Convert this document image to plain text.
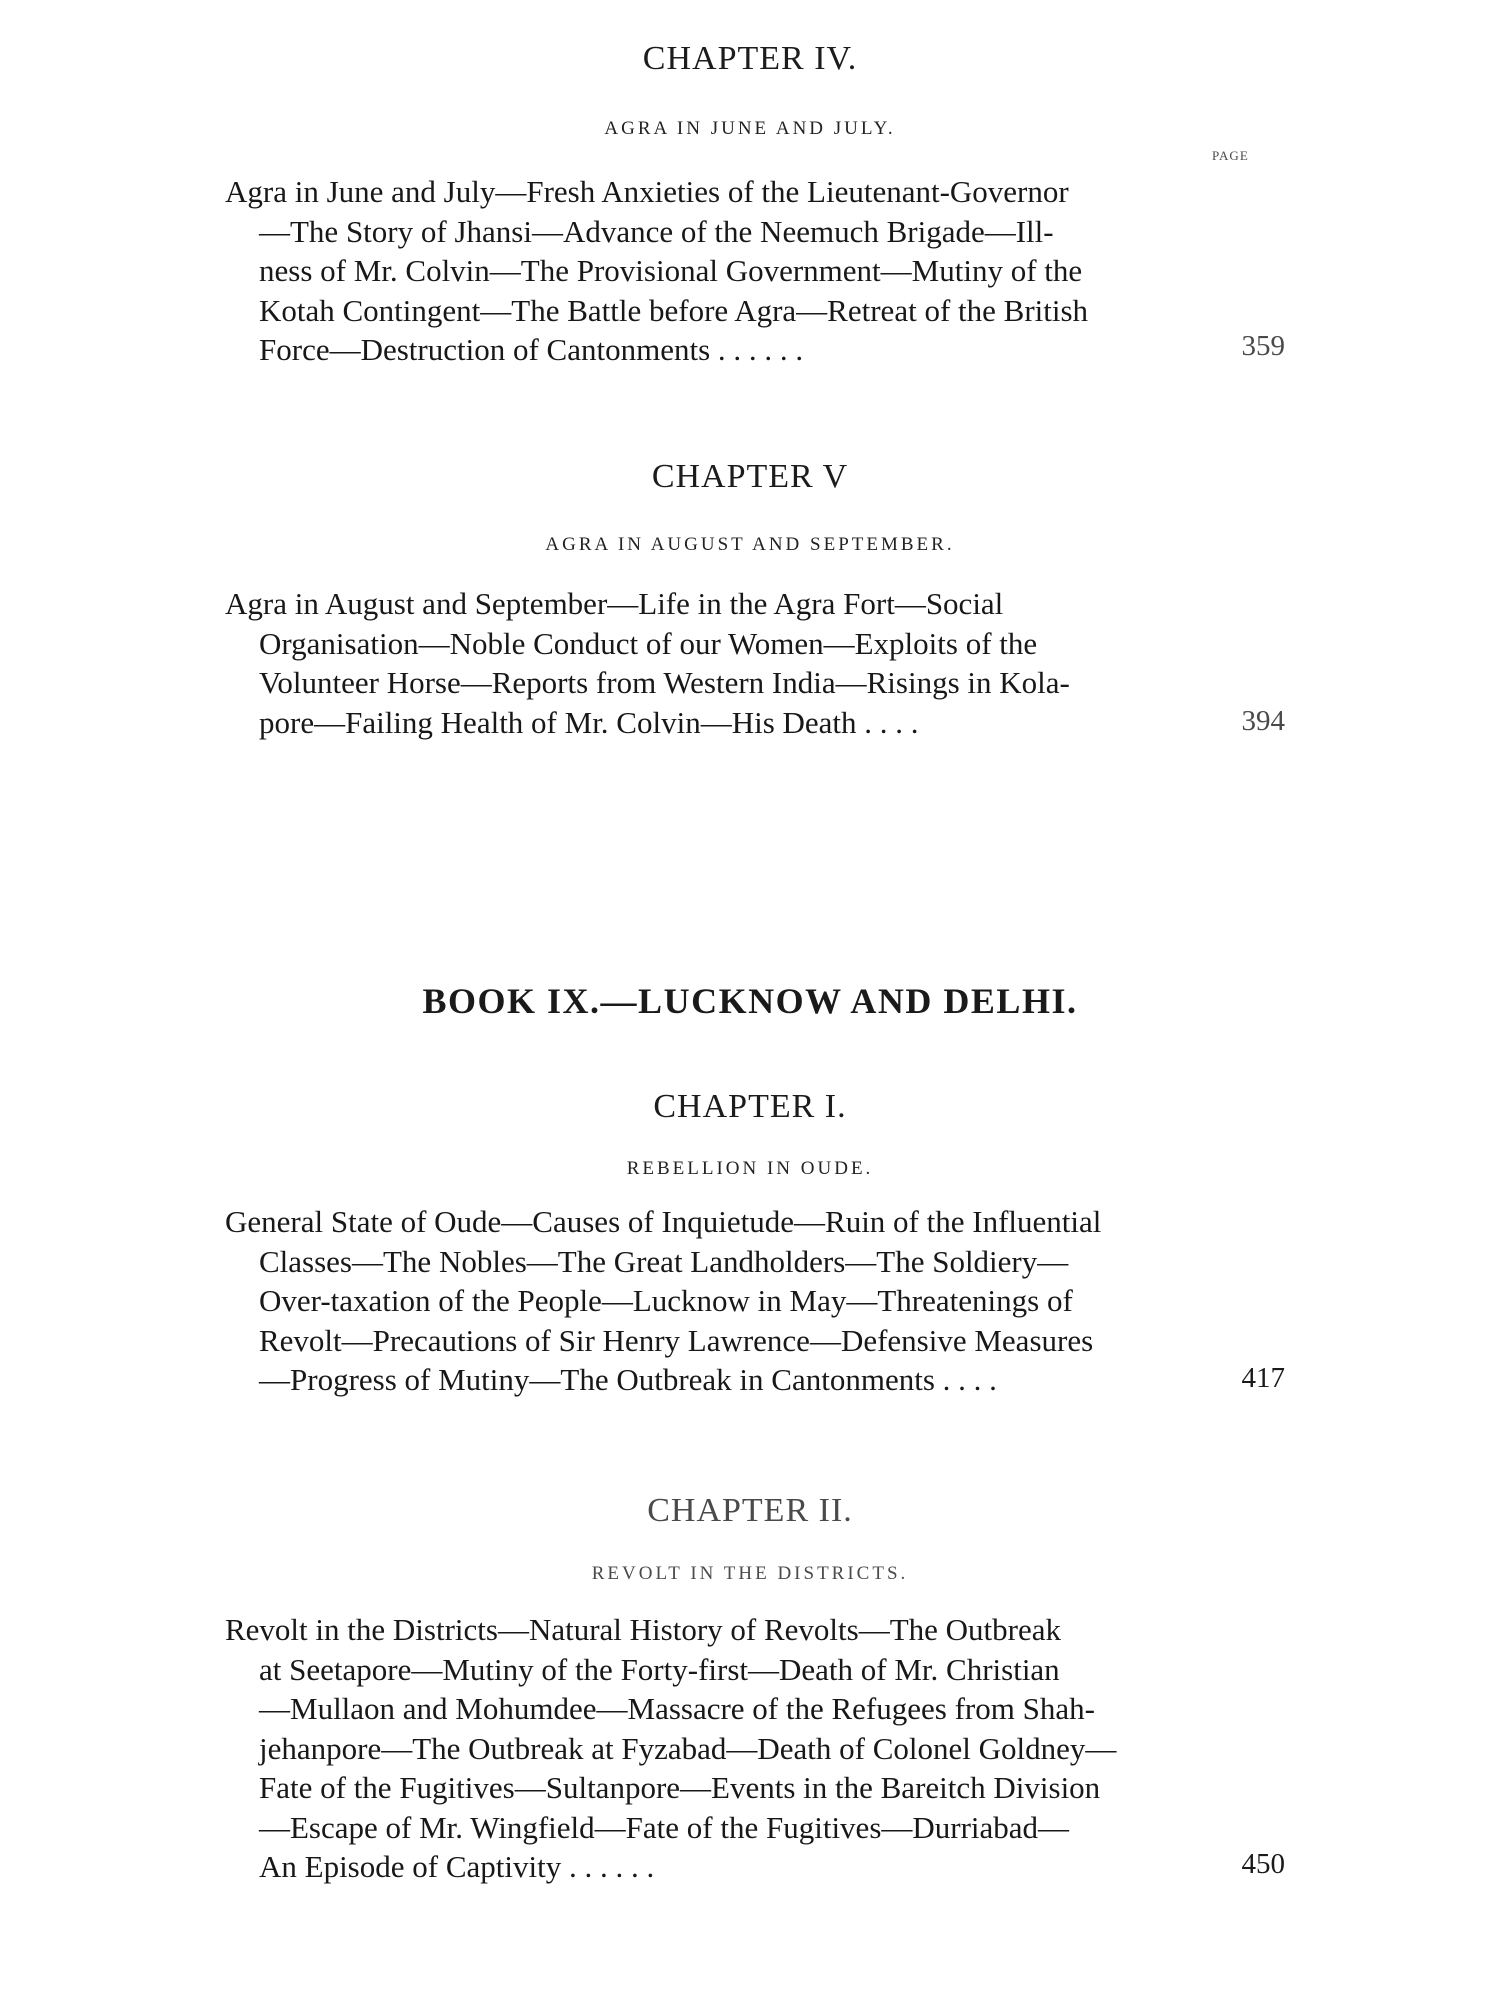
CHAPTER IV.
AGRA IN JUNE AND JULY.
PAGE
Agra in June and July—Fresh Anxieties of the Lieutenant-Governor
—The Story of Jhansi—Advance of the Neemuch Brigade—Ill-
ness of Mr. Colvin—The Provisional Government—Mutiny of the
Kotah Contingent—The Battle before Agra—Retreat of the British
Force—Destruction of Cantonments . . . . . .	359
CHAPTER V
AGRA IN AUGUST AND SEPTEMBER.
Agra in August and September—Life in the Agra Fort—Social
Organisation—Noble Conduct of our Women—Exploits of the
Volunteer Horse—Reports from Western India—Risings in Kola-
pore—Failing Health of Mr. Colvin—His Death . . . .	394
BOOK IX.—LUCKNOW AND DELHI.
CHAPTER I.
REBELLION IN OUDE.
General State of Oude—Causes of Inquietude—Ruin of the Influential
Classes—The Nobles—The Great Landholders—The Soldiery—
Over-taxation of the People—Lucknow in May—Threatenings of
Revolt—Precautions of Sir Henry Lawrence—Defensive Measures
—Progress of Mutiny—The Outbreak in Cantonments . . . .	417
CHAPTER II.
REVOLT IN THE DISTRICTS.
Revolt in the Districts—Natural History of Revolts—The Outbreak
at Seetapore—Mutiny of the Forty-first—Death of Mr. Christian
—Mullaon and Mohumdee—Massacre of the Refugees from Shah-
jehanpore—The Outbreak at Fyzabad—Death of Colonel Goldney—
Fate of the Fugitives—Sultanpore—Events in the Bareitch Division
—Escape of Mr. Wingfield—Fate of the Fugitives—Durriabad—
An Episode of Captivity . . . . . .	450
